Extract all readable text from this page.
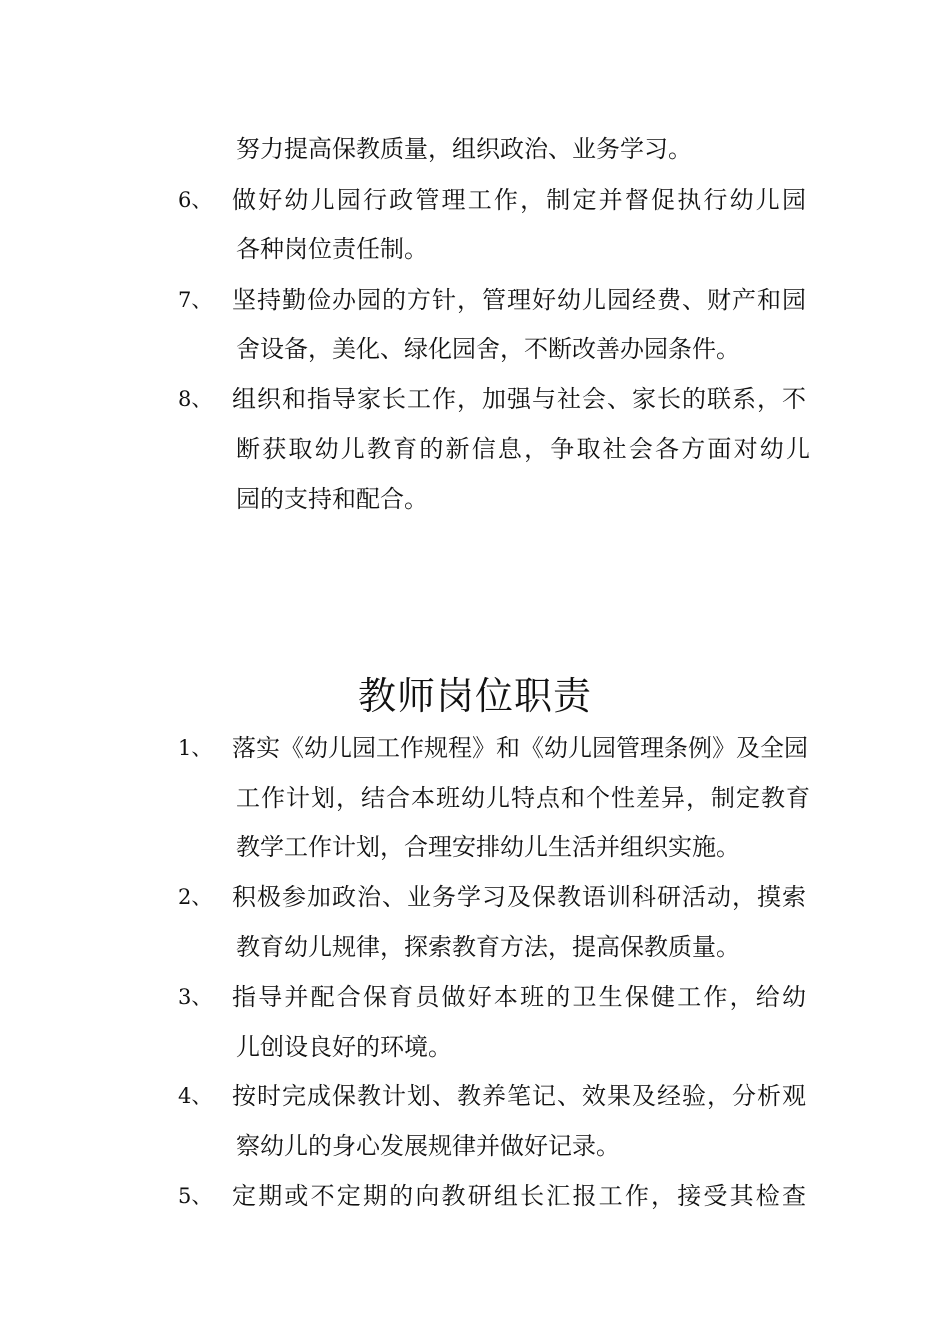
努力提高保教质量，组织政治、业务学习。
6、 做好幼儿园行政管理工作，制定并督促执行幼儿园
各种岗位责任制。
7、 坚持勤俭办园的方针，管理好幼儿园经费、财产和园
舍设备，美化、绿化园舍，不断改善办园条件。
8、 组织和指导家长工作，加强与社会、家长的联系，不
断获取幼儿教育的新信息，争取社会各方面对幼儿
园的支持和配合。
教师岗位职责
1、 落实《幼儿园工作规程》和《幼儿园管理条例》及全园
工作计划，结合本班幼儿特点和个性差异，制定教育
教学工作计划，合理安排幼儿生活并组织实施。
2、 积极参加政治、业务学习及保教语训科研活动，摸索
教育幼儿规律，探索教育方法，提高保教质量。
3、 指导并配合保育员做好本班的卫生保健工作，给幼
儿创设良好的环境。
4、 按时完成保教计划、教养笔记、效果及经验，分析观
察幼儿的身心发展规律并做好记录。
5、 定期或不定期的向教研组长汇报工作，接受其检查
